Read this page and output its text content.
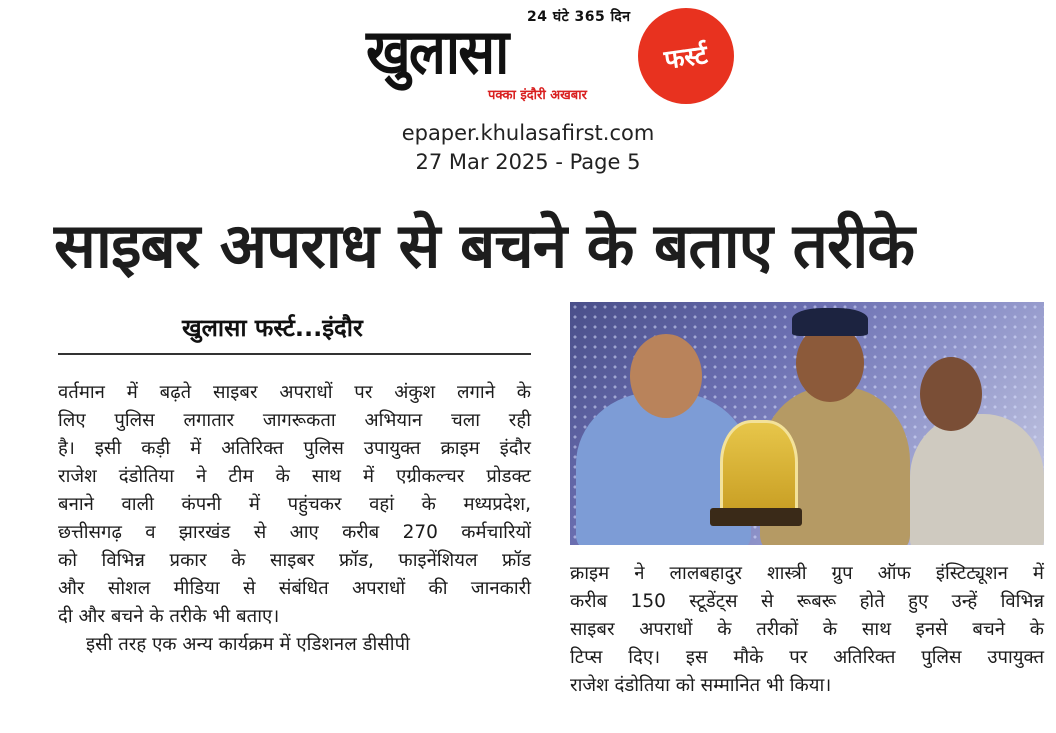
24 घंटे 365 दिन
खुलासा	फर्स्ट
पक्का इंदौरी अखबार
epaper.khulasafirst.com
27 Mar 2025 - Page 5
साइबर अपराध से बचने के बताए तरीके
खुलासा फर्स्ट...इंदौर
वर्तमान में बढ़ते साइबर अपराधों पर अंकुश लगाने के
लिए पुलिस लगातार जागरूकता अभियान चला रही
है। इसी कड़ी में अतिरिक्त पुलिस उपायुक्त क्राइम इंदौर
राजेश दंडोतिया ने टीम के साथ में एग्रीकल्चर प्रोडक्ट
बनाने वाली कंपनी में पहुंचकर वहां के मध्यप्रदेश,
छत्तीसगढ़ व झारखंड से आए करीब 270 कर्मचारियों
को विभिन्न प्रकार के साइबर फ्रॉड, फाइनेंशियल फ्रॉड
और सोशल मीडिया से संबंधित अपराधों की जानकारी
दी और बचने के तरीके भी बताए।
इसी तरह एक अन्य कार्यक्रम में एडिशनल डीसीपी
क्राइम ने लालबहादुर शास्त्री ग्रुप ऑफ इंस्टिट्यूशन में
करीब 150 स्टूडेंट्स से रूबरू होते हुए उन्हें विभिन्न
साइबर अपराधों के तरीकों के साथ इनसे बचने के
टिप्स दिए। इस मौके पर अतिरिक्त पुलिस उपायुक्त
राजेश दंडोतिया को सम्मानित भी किया।
